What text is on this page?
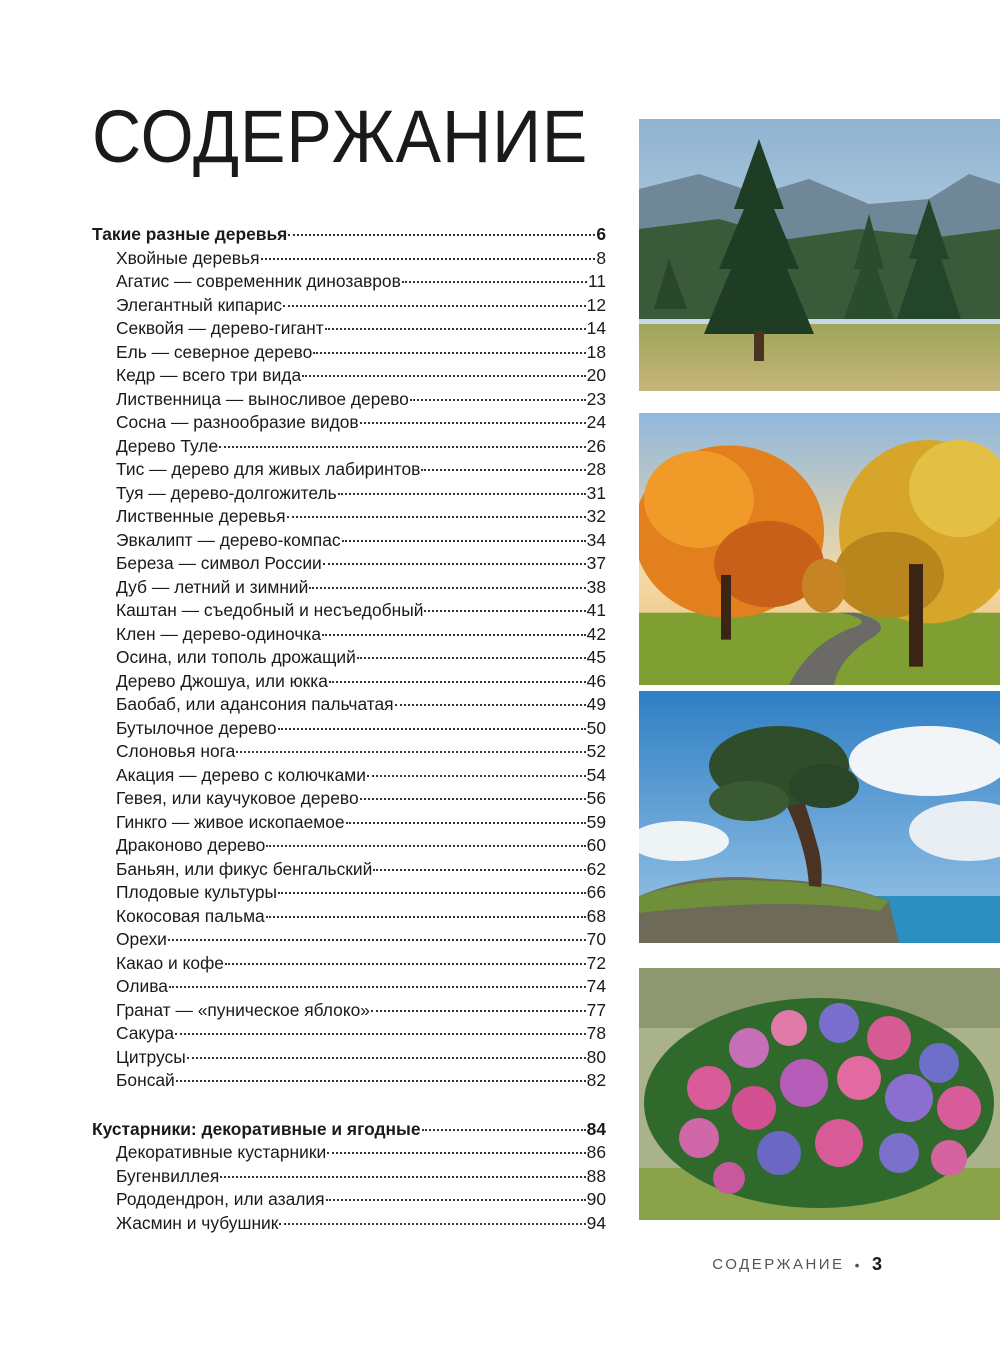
СОДЕРЖАНИЕ
Такие разные деревья	6
Хвойные деревья	8
Агатис — современник динозавров	11
Элегантный кипарис	12
Секвойя — дерево-гигант	14
Ель — северное дерево	18
Кедр — всего три вида	20
Лиственница — выносливое дерево	23
Сосна — разнообразие видов	24
Дерево Туле	26
Тис — дерево для живых лабиринтов	28
Туя — дерево-долгожитель	31
Лиственные деревья	32
Эвкалипт — дерево-компас	34
Береза — символ России	37
Дуб — летний и зимний	38
Каштан — съедобный и несъедобный	41
Клен — дерево-одиночка	42
Осина, или тополь дрожащий	45
Дерево Джошуа, или юкка	46
Баобаб, или адансония пальчатая	49
Бутылочное дерево	50
Слоновья нога	52
Акация — дерево с колючками	54
Гевея, или каучуковое дерево	56
Гинкго — живое ископаемое	59
Драконово дерево	60
Баньян, или фикус бенгальский	62
Плодовые культуры	66
Кокосовая пальма	68
Орехи	70
Какао и кофе	72
Олива	74
Гранат — «пуническое яблоко»	77
Сакура	78
Цитрусы	80
Бонсай	82
Кустарники: декоративные и ягодные	84
Декоративные кустарники	86
Бугенвиллея	88
Рододендрон, или азалия	90
Жасмин и чубушник	94
СОДЕРЖАНИЕ • 3
